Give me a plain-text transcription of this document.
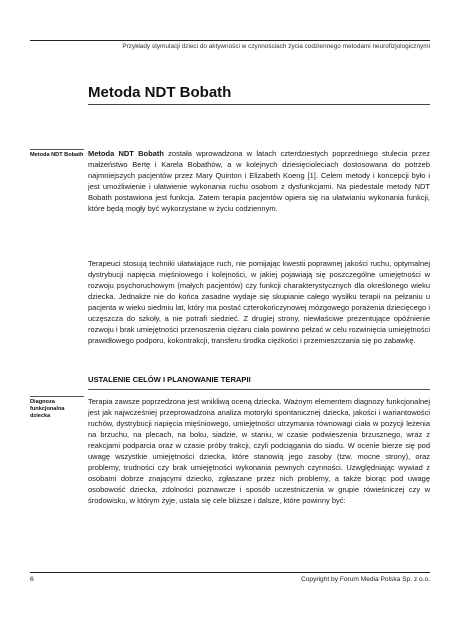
Przykłady stymulacji dzieci do aktywności w czynnościach życia codziennego metodami neurofizjologicznymi
Metoda NDT Bobath
Metoda NDT Bobath Metoda NDT Bobath została wprowadzona w latach czterdziestych poprzedniego stulecia przez małżeństwo Bertę i Karela Bobathów, a w kolejnych dziesięcioleciach dostosowana do potrzeb najmniejszych pacjentów przez Mary Quinton i Elizabeth Koeng [1]. Celem metody i koncepcji było i jest umożliwienie i ułatwienie wykonania ruchu osobom z dysfunkcjami. Na piedestale metody NDT Bobath postawiona jest funkcja. Zatem terapia pacjentów opiera się na ułatwianiu wykonania funkcji, które będą mogły być wykorzystane w życiu codziennym.

Terapeuci stosują techniki ułatwiające ruch, nie pomijając kwestii poprawnej jakości ruchu, optymalnej dystrybucji napięcia mięśniowego i kolejności, w jakiej pojawiają się poszczególne umiejętności w rozwoju psychoruchowym (małych pacjentów) czy funkcji charakterystycznych dla określonego wieku dziecka. Jednakże nie do końca zasadne wydaje się skupianie całego wysiłku terapii na pełzaniu u pacjenta w wieku siedmiu lat, który ma postać czterokończynowej mózgowego porażenia dziecięcego i uczęszcza do szkoły, a nie potrafi siedzieć. Z drugiej strony, niewłaściwe prezentujące opóźnienie rozwoju i brak umiejętności przenoszenia ciężaru ciała powinno pełzać w celu rozwinięcia umiejętności prawidłowego podporu, kokontrakcji, transferu środka ciężkości i przemieszczania się po zabawkę.

USTALENIE CELÓW I PLANOWANIE TERAPII
Diagnoza funkcjonalna dziecka

Terapia zawsze poprzedzona jest wnikliwą oceną dziecka. Ważnym elementem diagnozy funkcjonalnej jest jak najwcześniej przeprowadzona analiza motoryki spontanicznej dziecka, jakości i wariantowości ruchów, dystrybucji napięcia mięśniowego, umiejętności utrzymania równowagi ciała w pozycji leżenia na brzuchu, na plecach, na boku, siadzie, w staniu, w czasie podwieszenia brzusznego, wraz z reakcjami podparcia oraz w czasie próby trakcji, czyli podciągania do siadu. W ocenie bierze się pod uwagę wszystkie umiejętności dziecka, które stanowią jego zasoby (tzw. mocne strony), oraz problemy, trudności czy brak umiejętności wykonania pewnych czynności. Uzwględniając wywiad z osobami dobrze znającymi dziecko, zgłaszane przez nich problemy, a także biorąc pod uwagę osobowość dziecka, zdolności poznawcze i sposób uczestniczenia w grupie rówieśniczej czy w środowisku, w którym żyje, ustala się cele bliższe i dalsze, które powinny być:

6	Copyright by Forum Media Polska Sp. z o.o.
